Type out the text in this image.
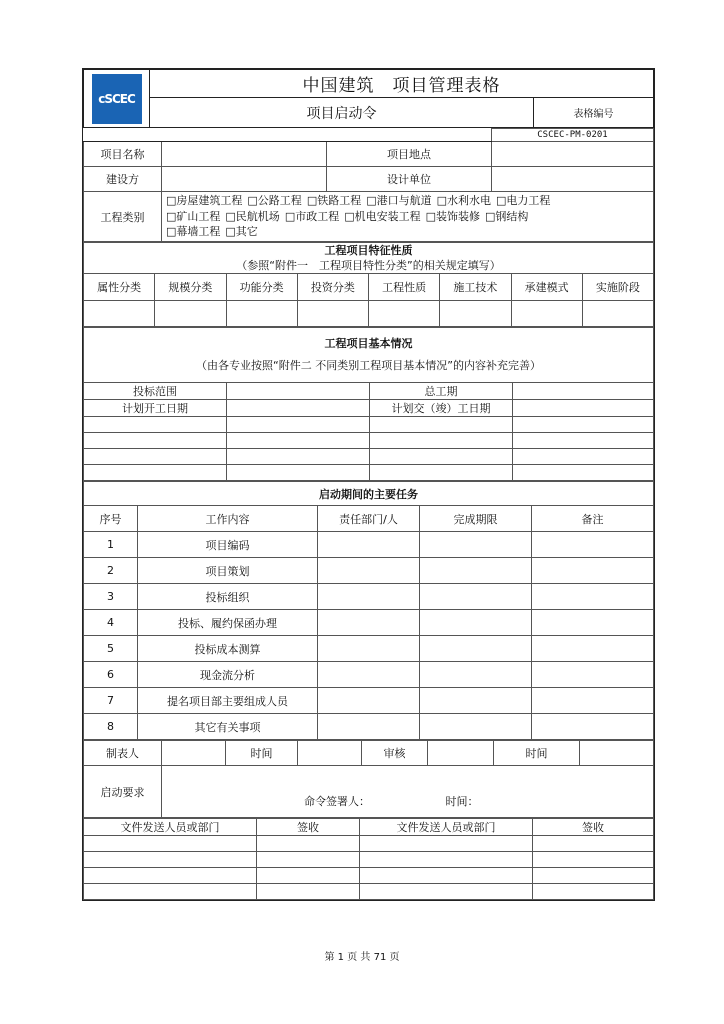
cSCEC	中国建筑　项目管理表格	
	项目启动令	表格编号

			CSCEC-PM-0201
项目名称		项目地点	
建设方		设计单位	
工程类别	□房屋建筑工程 □公路工程 □铁路工程 □港口与航道 □水利水电 □电力工程
□矿山工程 □民航机场 □市政工程 □机电安装工程 □装饰装修 □钢结构
□幕墙工程 □其它		
工程项目特征性质
（参照“附件一　工程项目特性分类”的相关规定填写）							

属性分类	规模分类	功能分类	投资分类	工程性质	施工技术	承建模式	实施阶段

工程项目基本情况
（由各专业按照“附件二 不同类别工程项目基本情况”的内容补充完善）			

投标范围		总工期	
计划开工日期		计划交（竣）工日期	

启动期间的主要任务				
序号	工作内容	责任部门/人	完成期限	备注
1	项目编码			
2	项目策划			
3	投标组织			
4	投标、履约保函办理			
5	投标成本测算			
6	现金流分析			
7	提名项目部主要组成人员			
8	其它有关事项			
制表人		时间		审核		时间	
启动要求	命令签署人： 时间：						
文件发送人员或部门	签收	文件发送人员或部门	签收

第 1 页 共 71 页
